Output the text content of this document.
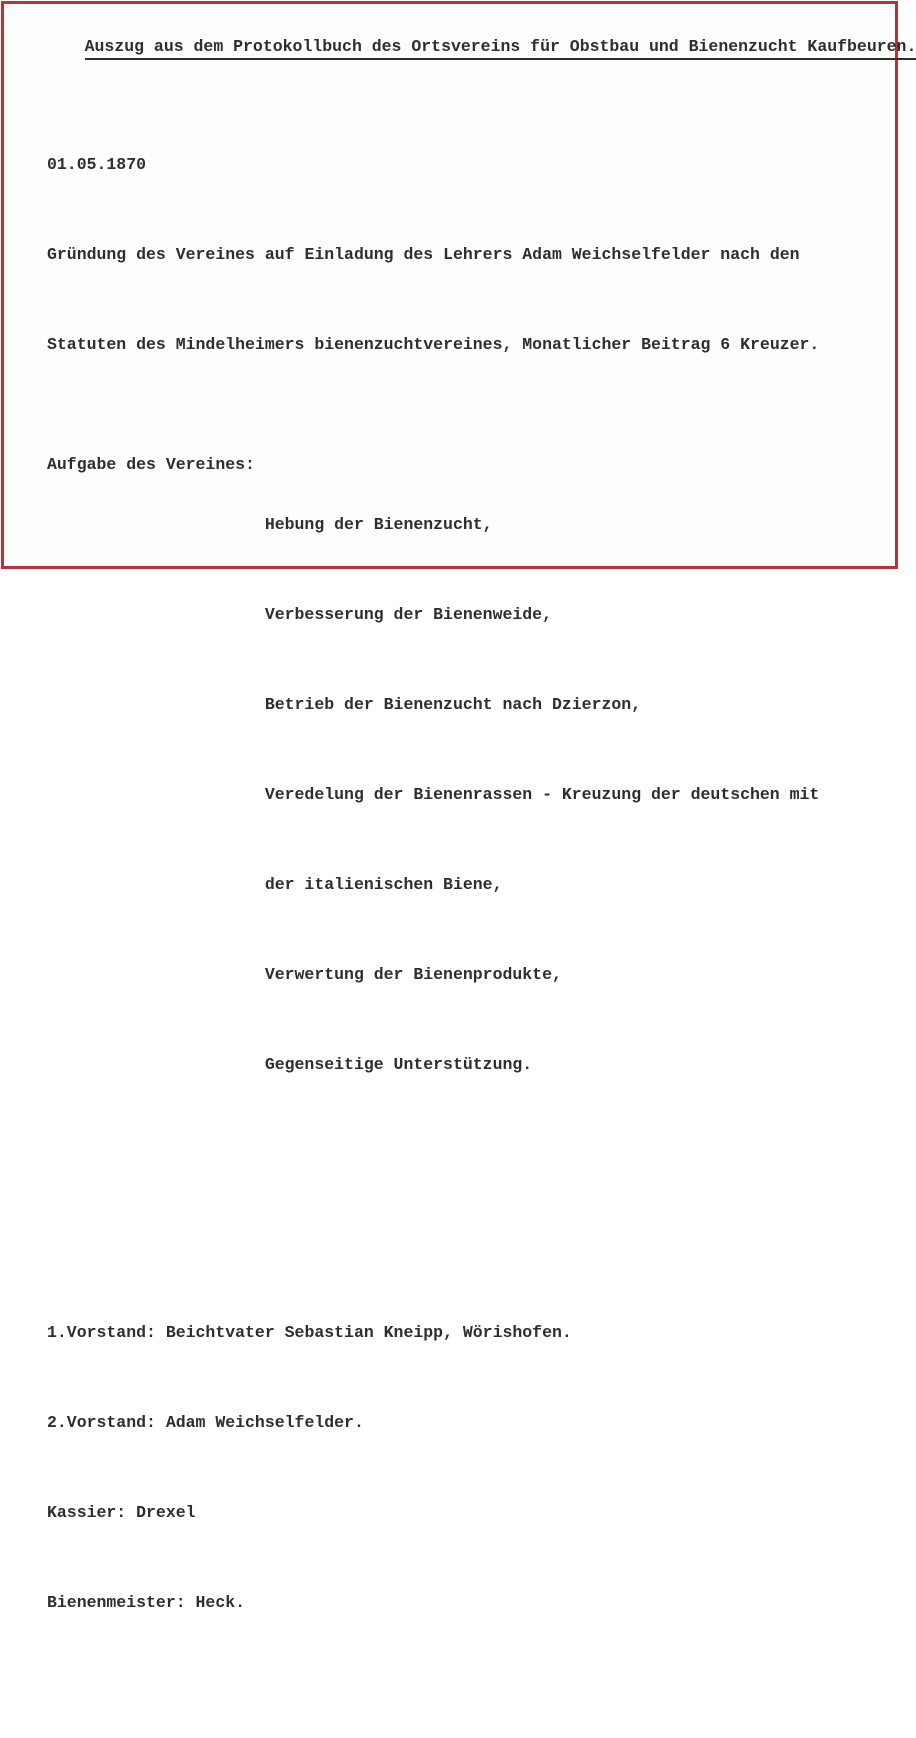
Auszug aus dem Protokollbuch des Ortsvereins für Obstbau und Bienenzucht Kaufbeuren.

01.05.1870

Gründung des Vereines auf Einladung des Lehrers Adam Weichselfelder nach den

Statuten des Mindelheimers bienenzuchtvereines, Monatlicher Beitrag 6 Kreuzer.

Aufgabe des Vereines:

Hebung der Bienenzucht,

Verbesserung der Bienenweide,

Betrieb der Bienenzucht nach Dzierzon,

Veredelung der Bienenrassen - Kreuzung der deutschen mit

der italienischen Biene,

Verwertung der Bienenprodukte,

Gegenseitige Unterstützung.

1.Vorstand: Beichtvater Sebastian Kneipp, Wörishofen.

2.Vorstand: Adam Weichselfelder.

Kassier: Drexel

Bienenmeister: Heck.
